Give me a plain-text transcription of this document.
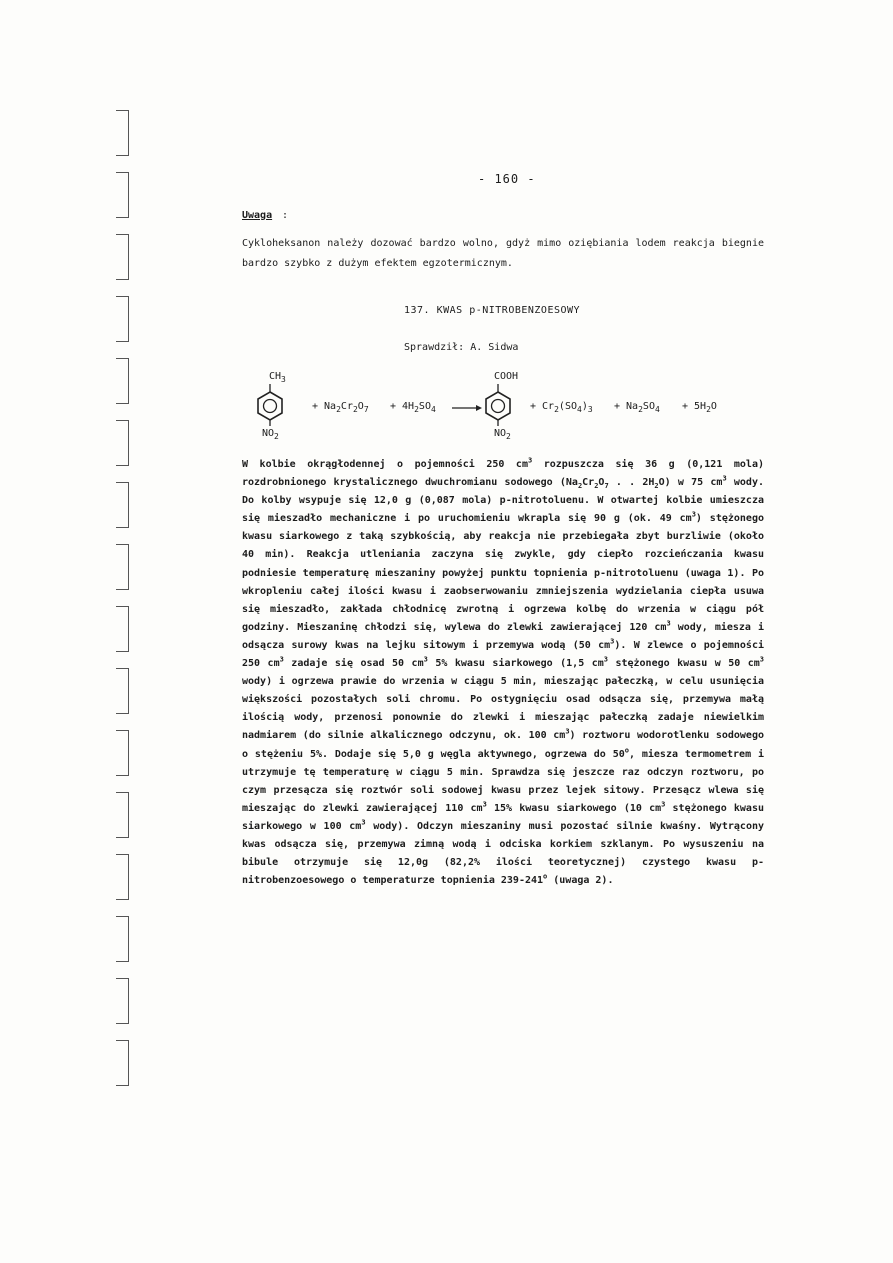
- 160 -
Uwaga :
Cykloheksanon należy dozować bardzo wolno, gdyż mimo oziębiania lodem reakcja biegnie bardzo szybko z dużym efektem egzotermicznym.
137. KWAS p-NITROBENZOESOWY
Sprawdził: A. Sidwa
$CH_3$
$NO_2$
+ $Na_2Cr_2O_7 + 4H_2SO_4$
COOH
$NO_2$
+ $Cr_2(SO_4)_3 + Na_2SO_4 + 5H_2O$
W kolbie okrągłodennej o pojemności 250 $cm^3$ rozpuszcza się 36 g (0,121 mola) rozdrobnionego krystalicznego dwuchromianu sodowego ($Na_2Cr_2O_7$ . . $2H_2O$) w 75 $cm^3$ wody. Do kolby wsypuje się 12,0 g (0,087 mola) p-nitrotoluenu. W otwartej kolbie umieszcza się mieszadło mechaniczne i po uruchomieniu wkrapla się 90 g (ok. 49 $cm^3$) stężonego kwasu siarkowego z taką szybkością, aby reakcja nie przebiegała zbyt burzliwie (około 40 min). Reakcja utleniania zaczyna się zwykle, gdy ciepło rozcieńczania kwasu podniesie temperaturę mieszaniny powyżej punktu topnienia p-nitrotoluenu (uwaga 1). Po wkropleniu całej ilości kwasu i zaobserwowaniu zmniejszenia wydzielania ciepła usuwa się mieszadło, zakłada chłodnicę zwrotną i ogrzewa kolbę do wrzenia w ciągu pół godziny. Mieszaninę chłodzi się, wylewa do zlewki zawierającej 120 $cm^3$ wody, miesza i odsącza surowy kwas na lejku sitowym i przemywa wodą (50 $cm^3$). W zlewce o pojemności 250 $cm^3$ zadaje się osad 50 $cm^3$ 5% kwasu siarkowego (1,5 $cm^3$ stężonego kwasu w 50 $cm^3$ wody) i ogrzewa prawie do wrzenia w ciągu 5 min, mieszając pałeczką, w celu usunięcia większości pozostałych soli chromu. Po ostygnięciu osad odsącza się, przemywa małą ilością wody, przenosi ponownie do zlewki i mieszając pałeczką zadaje niewielkim nadmiarem (do silnie alkalicznego odczynu, ok. 100 $cm^3$) roztworu wodorotlenku sodowego o stężeniu 5%. Dodaje się 5,0 g węgla aktywnego, ogrzewa do 50$^o$, miesza termometrem i utrzymuje tę temperaturę w ciągu 5 min. Sprawdza się jeszcze raz odczyn roztworu, po czym przesącza się roztwór soli sodowej kwasu przez lejek sitowy. Przesącz wlewa się mieszając do zlewki zawierającej 110 $cm^3$ 15% kwasu siarkowego (10 $cm^3$ stężonego kwasu siarkowego w 100 $cm^3$ wody). Odczyn mieszaniny musi pozostać silnie kwaśny. Wytrącony kwas odsącza się, przemywa zimną wodą i odciska korkiem szklanym. Po wysuszeniu na bibule otrzymuje się 12,0g (82,2% ilości teoretycznej) czystego kwasu p-nitrobenzoesowego o temperaturze topnienia 239-241$^o$ (uwaga 2).
